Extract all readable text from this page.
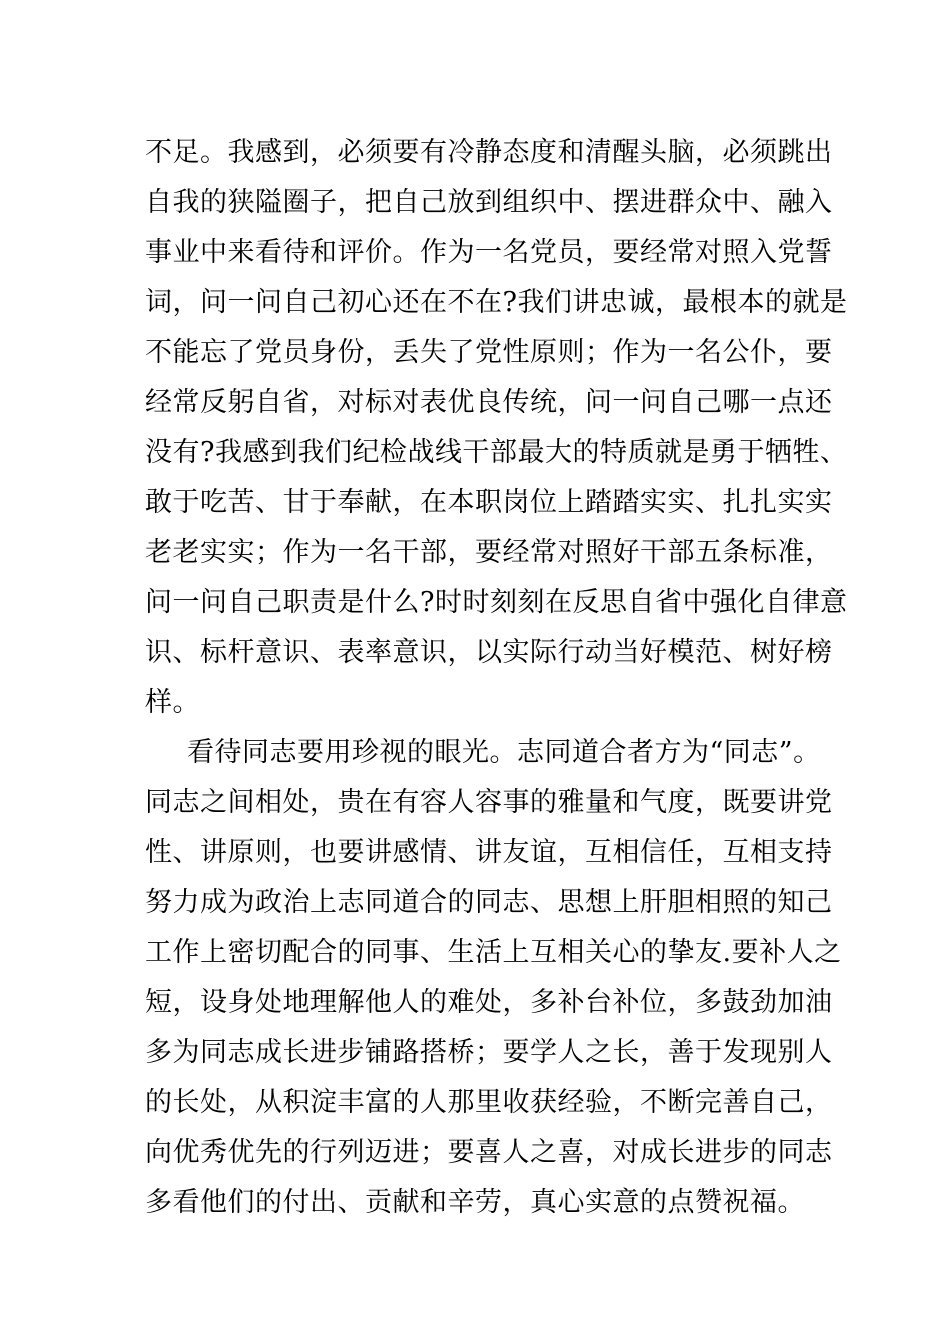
不足。我感到，必须要有冷静态度和清醒头脑，必须跳出
自我的狭隘圈子，把自己放到组织中、摆进群众中、融入
事业中来看待和评价。作为一名党员，要经常对照入党誓
词，问一问自己初心还在不在?我们讲忠诚，最根本的就是
不能忘了党员身份，丢失了党性原则；作为一名公仆，要
经常反躬自省，对标对表优良传统，问一问自己哪一点还
没有?我感到我们纪检战线干部最大的特质就是勇于牺牲、
敢于吃苦、甘于奉献，在本职岗位上踏踏实实、扎扎实实
老老实实；作为一名干部，要经常对照好干部五条标准，
问一问自己职责是什么?时时刻刻在反思自省中强化自律意
识、标杆意识、表率意识，以实际行动当好模范、树好榜
样。
看待同志要用珍视的眼光。志同道合者方为“同志”。
同志之间相处，贵在有容人容事的雅量和气度，既要讲党
性、讲原则，也要讲感情、讲友谊，互相信任，互相支持
努力成为政治上志同道合的同志、思想上肝胆相照的知己
工作上密切配合的同事、生活上互相关心的挚友.要补人之
短，设身处地理解他人的难处，多补台补位，多鼓劲加油
多为同志成长进步铺路搭桥；要学人之长，善于发现别人
的长处，从积淀丰富的人那里收获经验，不断完善自己，
向优秀优先的行列迈进；要喜人之喜，对成长进步的同志
多看他们的付出、贡献和辛劳，真心实意的点赞祝福。
